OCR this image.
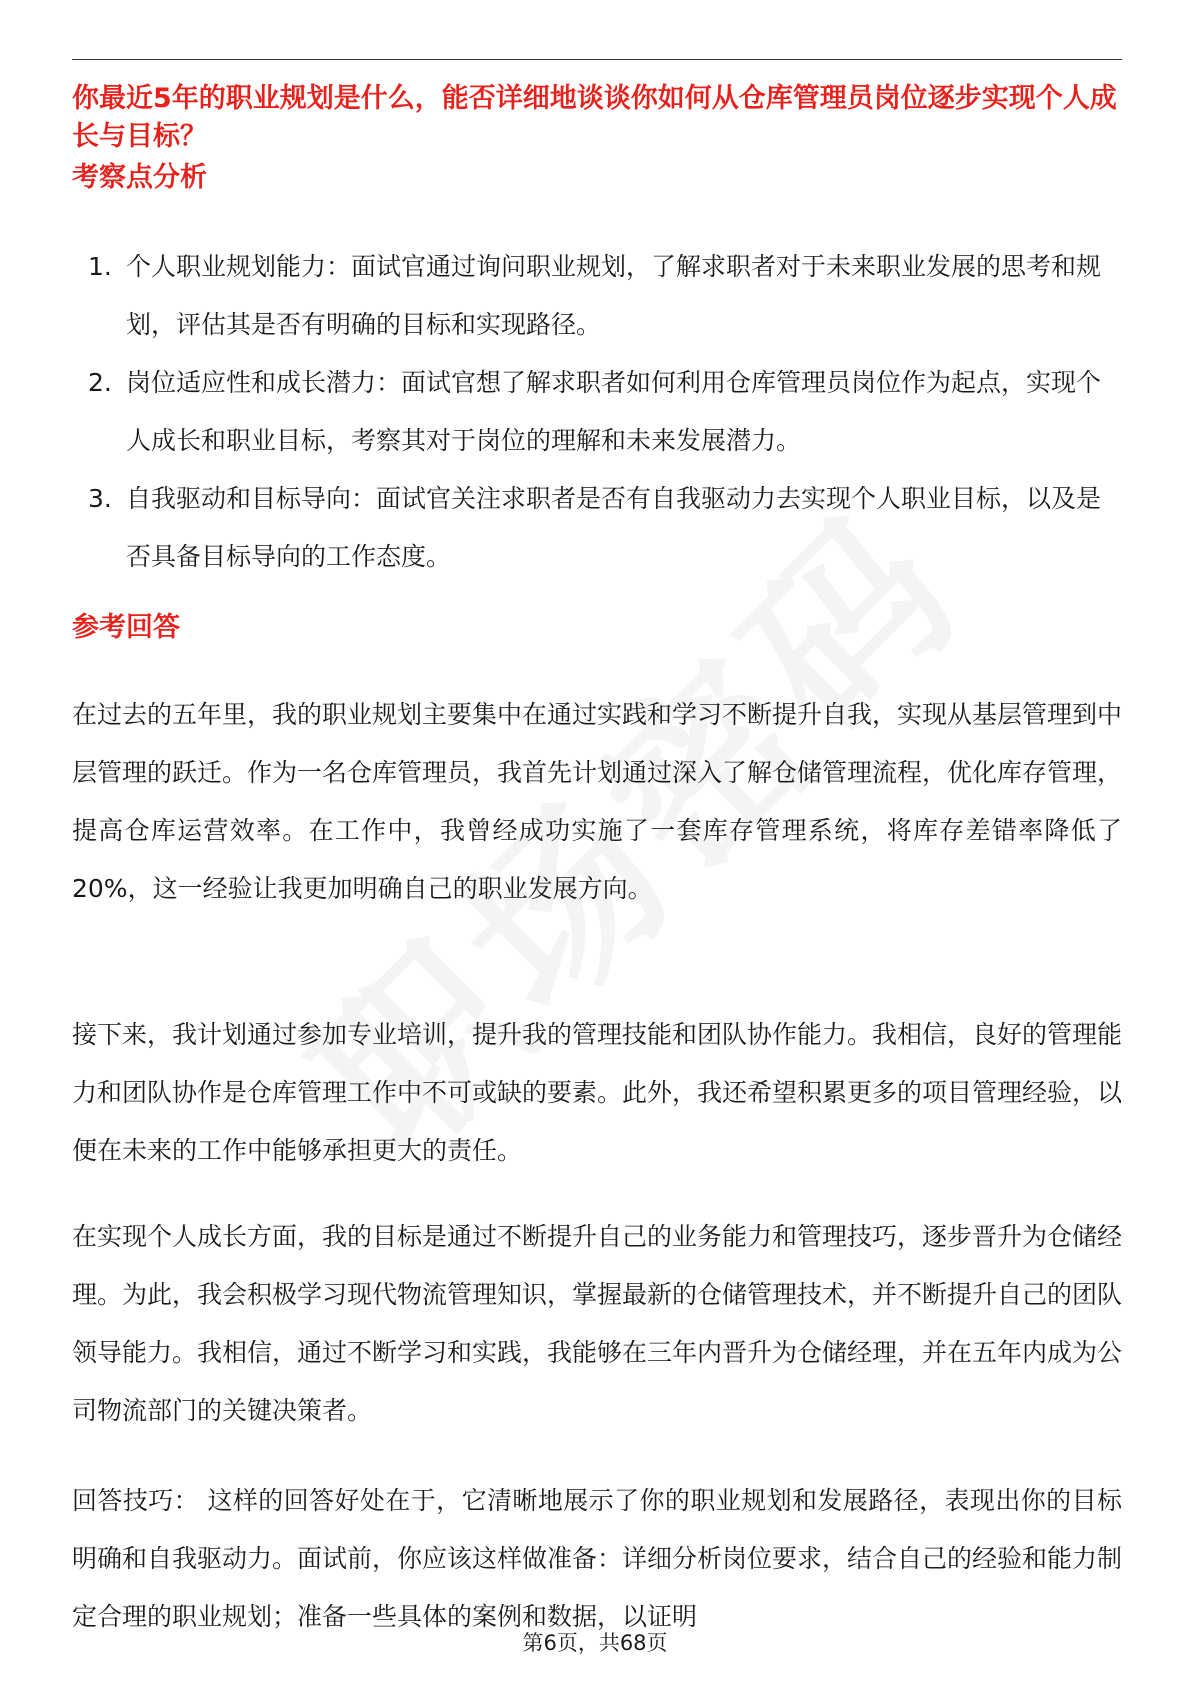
你最近5年的职业规划是什么，能否详细地谈谈你如何从仓库管理员岗位逐步实现个人成长与目标？
考察点分析
1. 个人职业规划能力：面试官通过询问职业规划，了解求职者对于未来职业发展的思考和规划，评估其是否有明确的目标和实现路径。
2. 岗位适应性和成长潜力：面试官想了解求职者如何利用仓库管理员岗位作为起点，实现个人成长和职业目标，考察其对于岗位的理解和未来发展潜力。
3. 自我驱动和目标导向：面试官关注求职者是否有自我驱动力去实现个人职业目标，以及是否具备目标导向的工作态度。
参考回答

在过去的五年里，我的职业规划主要集中在通过实践和学习不断提升自我，实现从基层管理到中层管理的跃迁。作为一名仓库管理员，我首先计划通过深入了解仓储管理流程，优化库存管理，提高仓库运营效率。在工作中，我曾经成功实施了一套库存管理系统，将库存差错率降低了20%，这一经验让我更加明确自己的职业发展方向。

接下来，我计划通过参加专业培训，提升我的管理技能和团队协作能力。我相信，良好的管理能力和团队协作是仓库管理工作中不可或缺的要素。此外，我还希望积累更多的项目管理经验，以便在未来的工作中能够承担更大的责任。

在实现个人成长方面，我的目标是通过不断提升自己的业务能力和管理技巧，逐步晋升为仓储经理。为此，我会积极学习现代物流管理知识，掌握最新的仓储管理技术，并不断提升自己的团队领导能力。我相信，通过不断学习和实践，我能够在三年内晋升为仓储经理，并在五年内成为公司物流部门的关键决策者。

回答技巧： 这样的回答好处在于，它清晰地展示了你的职业规划和发展路径，表现出你的目标明确和自我驱动力。面试前，你应该这样做准备：详细分析岗位要求，结合自己的经验和能力制定合理的职业规划；准备一些具体的案例和数据，以证明

第6页，共68页
